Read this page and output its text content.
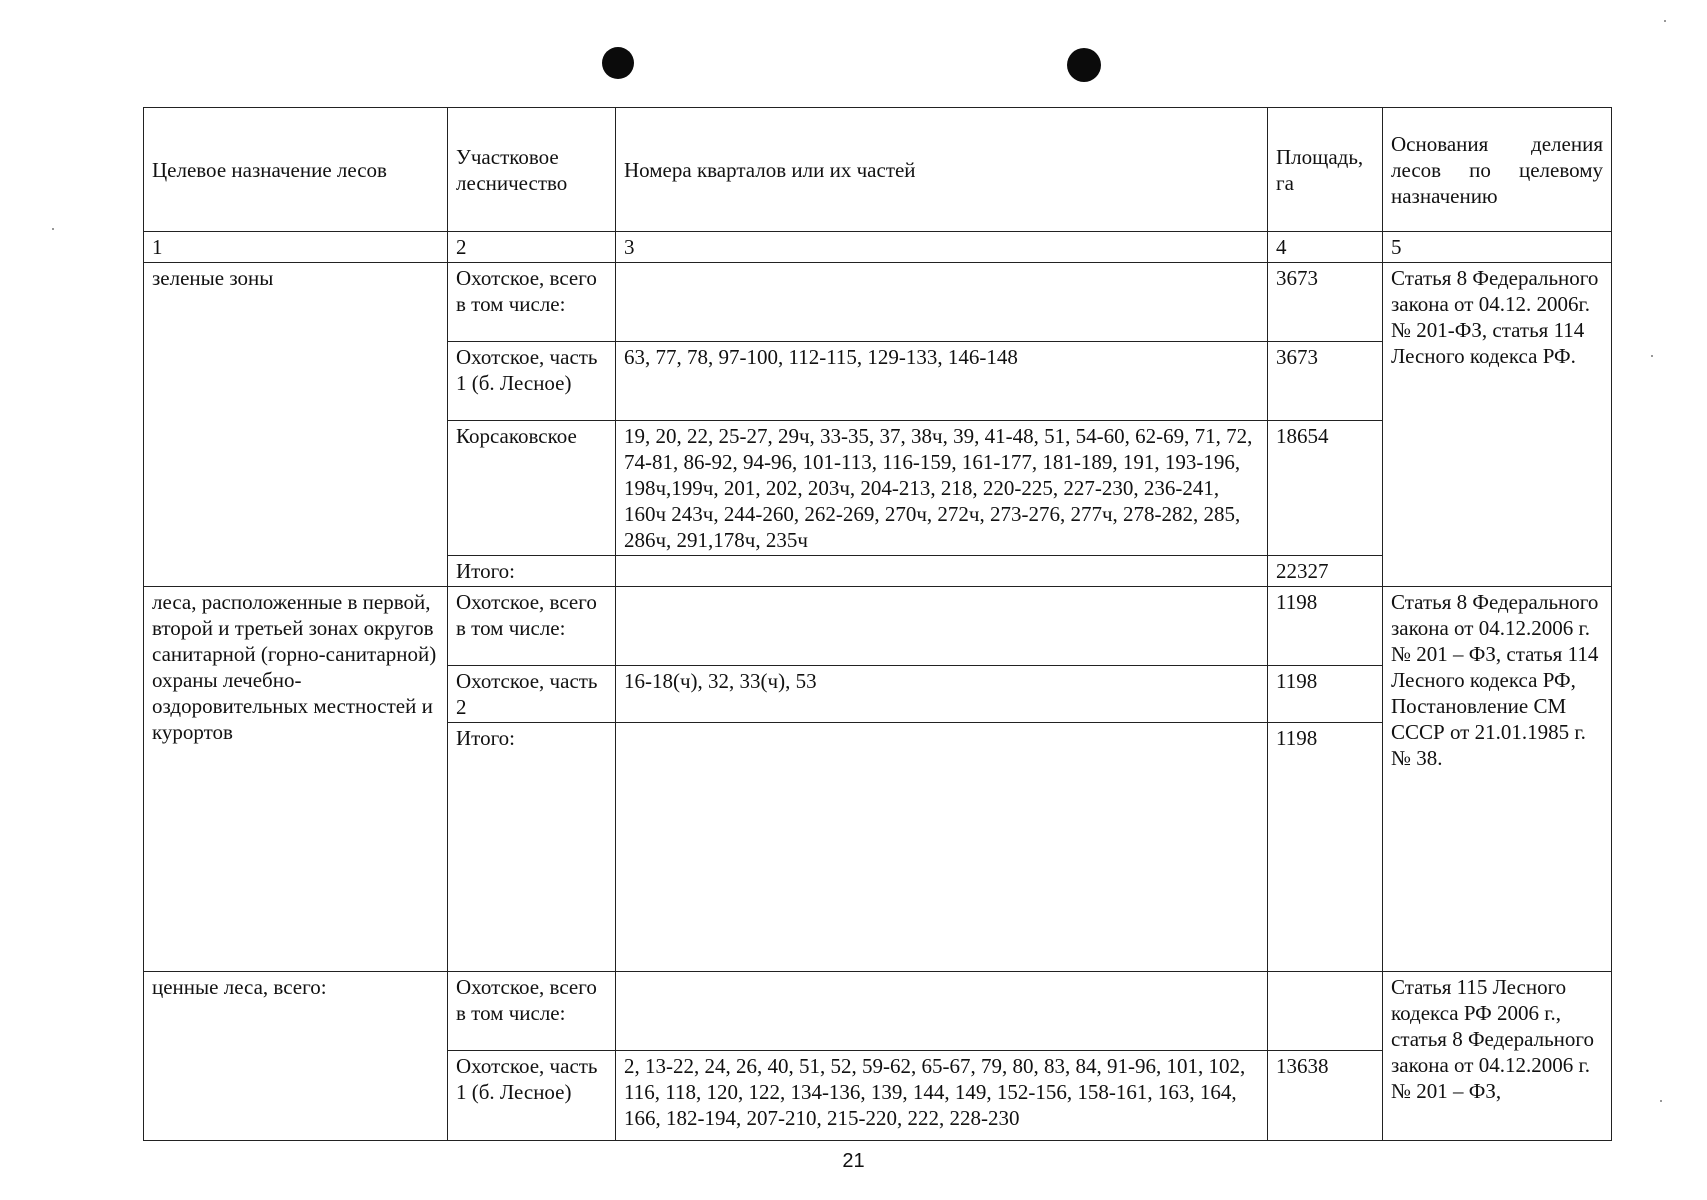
Целевое назначение лесов	Участковое лесничество	Номера кварталов или их частей	Площадь, га	Основания деления лесов по целевому назначению
1	2	3	4	5
зеленые зоны	Охотское, всего в том числе:		3673	Статья 8 Федерального закона от 04.12. 2006г. № 201-ФЗ, статья 114 Лесного кодекса РФ.
	Охотское, часть 1 (б. Лесное)	63, 77, 78, 97-100, 112-115, 129-133, 146-148	3673	
	Корсаковское	19, 20, 22, 25-27, 29ч, 33-35, 37, 38ч, 39, 41-48, 51, 54-60, 62-69, 71, 72, 74-81, 86-92, 94-96, 101-113, 116-159, 161-177, 181-189, 191, 193-196, 198ч,199ч, 201, 202, 203ч, 204-213, 218, 220-225, 227-230, 236-241, 160ч 243ч, 244-260, 262-269, 270ч, 272ч, 273-276, 277ч, 278-282, 285, 286ч, 291,178ч, 235ч	18654	
	Итого:		22327	
леса, расположенные в первой, второй и третьей зонах округов санитарной (горно-санитарной) охраны лечебно-оздоровительных местностей и курортов	Охотское, всего в том числе:		1198	Статья 8 Федерального закона от 04.12.2006 г. № 201 – ФЗ, статья 114 Лесного кодекса РФ, Постановление СМ СССР от 21.01.1985 г. № 38.
	Охотское, часть 2	16-18(ч), 32, 33(ч), 53	1198	
	Итого:		1198	
ценные леса, всего:	Охотское, всего в том числе:			Статья 115 Лесного кодекса РФ 2006 г., статья 8 Федерального закона от 04.12.2006 г. № 201 – ФЗ,
	Охотское, часть 1 (б. Лесное)	2, 13-22, 24, 26, 40, 51, 52, 59-62, 65-67, 79, 80, 83, 84, 91-96, 101, 102, 116, 118, 120, 122, 134-136, 139, 144, 149, 152-156, 158-161, 163, 164, 166, 182-194, 207-210, 215-220, 222, 228-230	13638	
21
